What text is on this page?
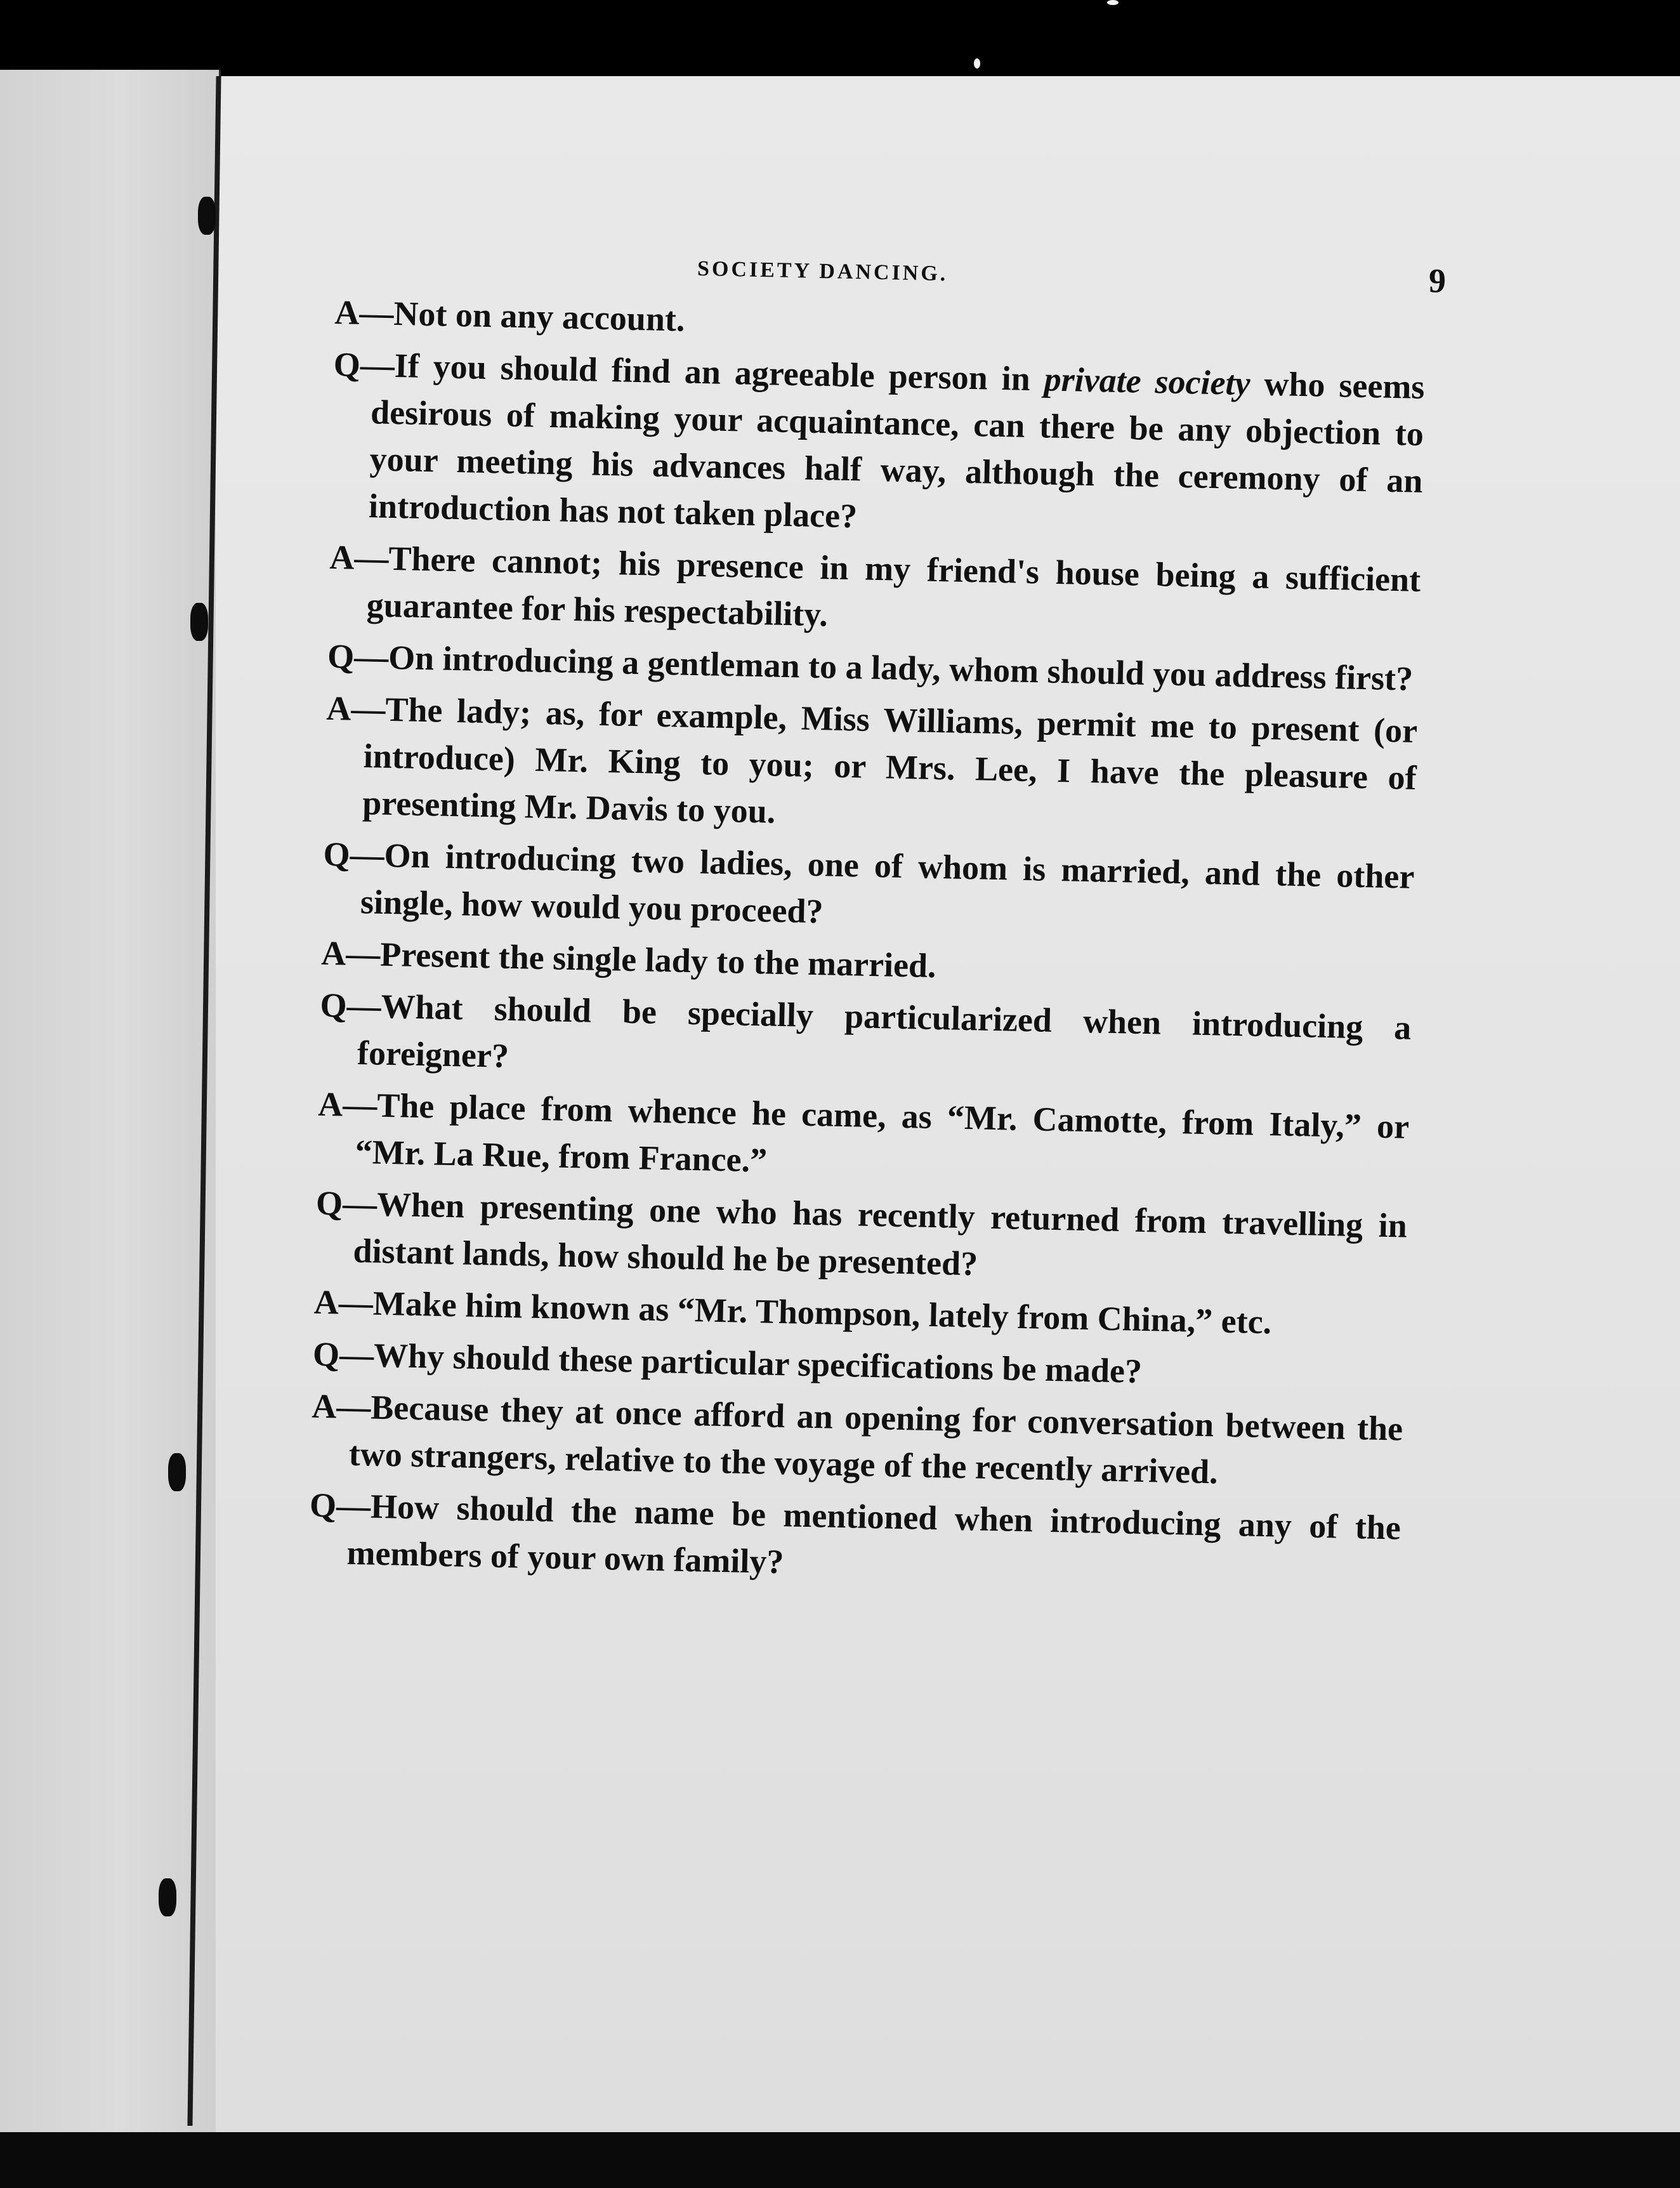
SOCIETY DANCING.	9

A—Not on any account.

Q—If you should find an agreeable person in private society who seems desirous of making your acquaintance, can there be any objection to your meeting his advances half way, although the ceremony of an introduction has not taken place?

A—There cannot; his presence in my friend's house being a sufficient guarantee for his respectability.

Q—On introducing a gentleman to a lady, whom should you address first?

A—The lady; as, for example, Miss Williams, permit me to present (or introduce) Mr. King to you; or Mrs. Lee, I have the pleasure of presenting Mr. Davis to you.

Q—On introducing two ladies, one of whom is married, and the other single, how would you proceed?

A—Present the single lady to the married.

Q—What should be specially particularized when introducing a foreigner?

A—The place from whence he came, as “Mr. Camotte, from Italy,” or “Mr. La Rue, from France.”

Q—When presenting one who has recently returned from travelling in distant lands, how should he be presented?

A—Make him known as “Mr. Thompson, lately from China,” etc.

Q—Why should these particular specifications be made?

A—Because they at once afford an opening for conversation between the two strangers, relative to the voyage of the recently arrived.

Q—How should the name be mentioned when introducing any of the members of your own family?
